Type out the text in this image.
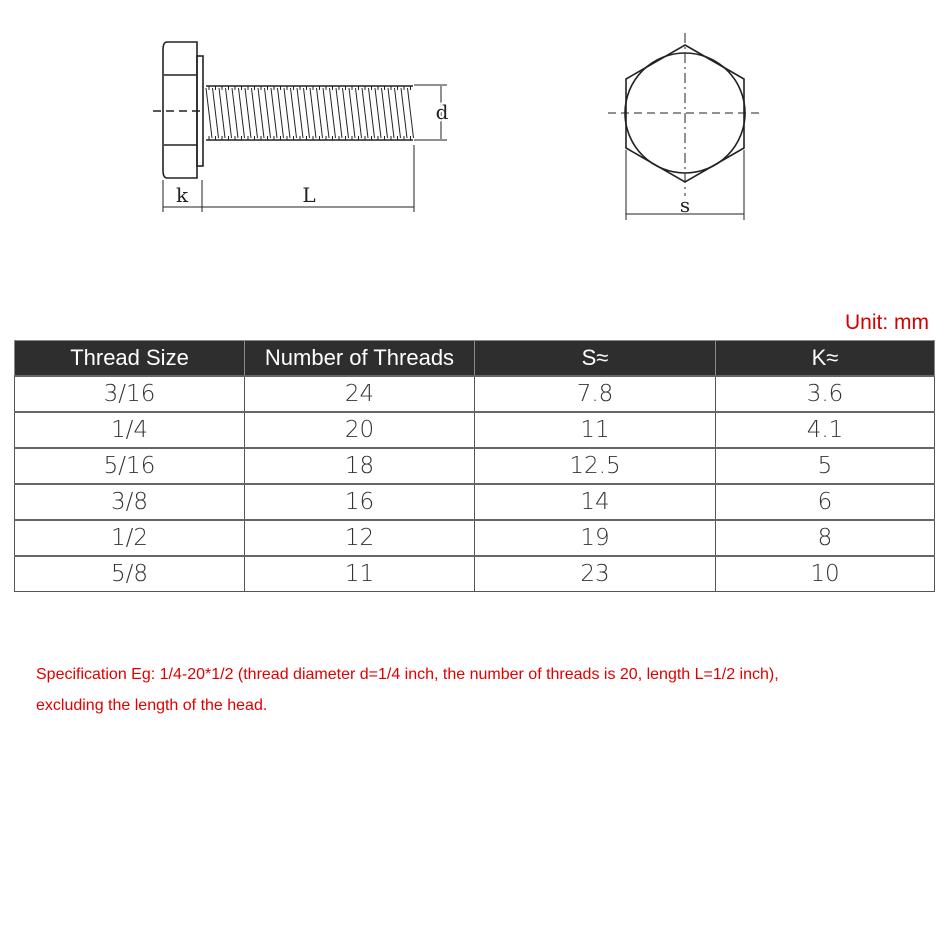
k	L
d
s
Unit: mm
Thread Size	Number of Threads	S≈	K≈
3/16	24	7.8	3.6
1/4	20	11	4.1
5/16	18	12.5	5
3/8	16	14	6
1/2	12	19	8
5/8	11	23	10
Specification Eg: 1/4-20*1/2 (thread diameter d=1/4 inch, the number of threads is 20, length L=1/2 inch),
excluding the length of the head.
